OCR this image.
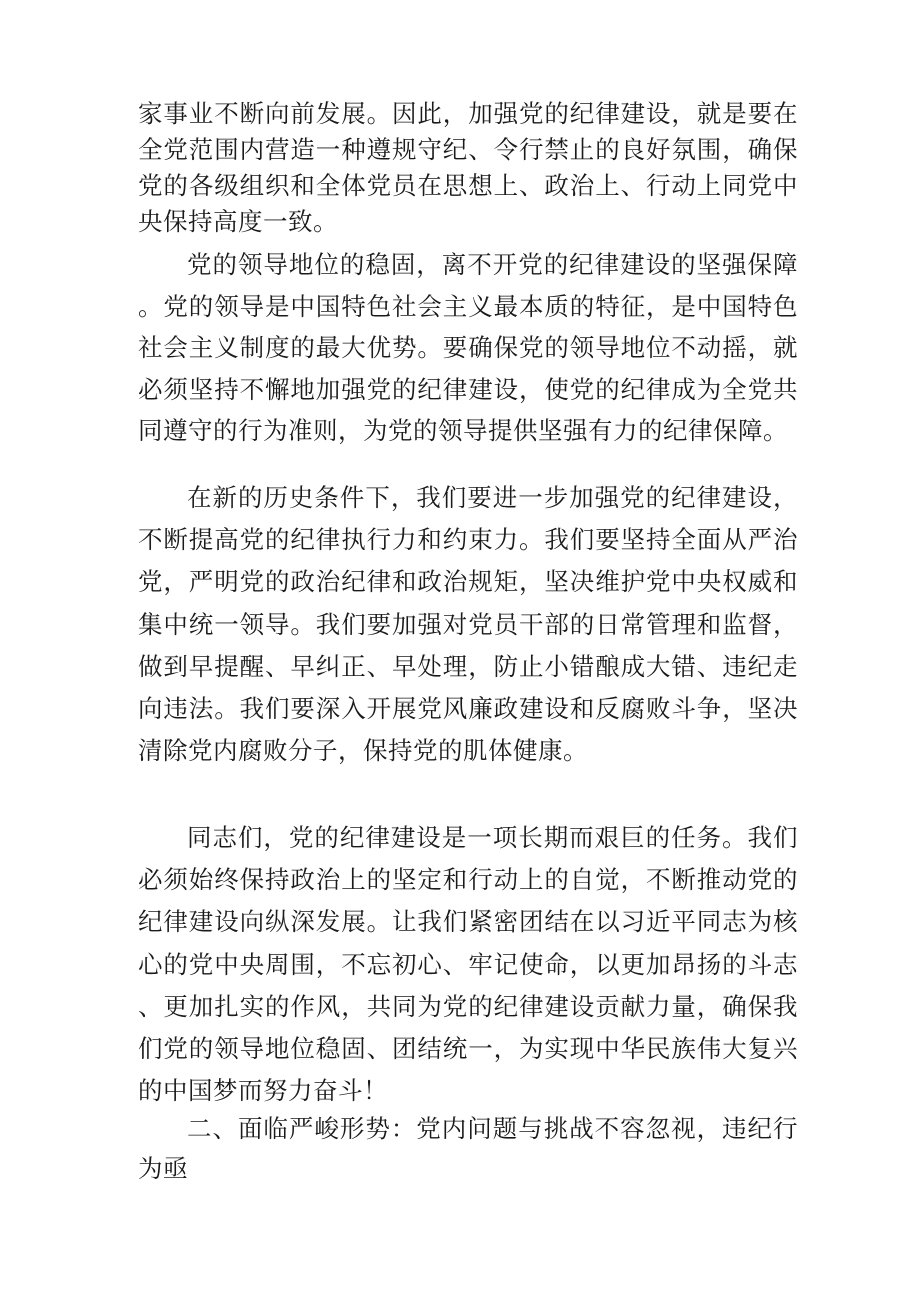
家事业不断向前发展。因此，加强党的纪律建设，就是要在全党范围内营造一种遵规守纪、令行禁止的良好氛围，确保党的各级组织和全体党员在思想上、政治上、行动上同党中央保持高度一致。

党的领导地位的稳固，离不开党的纪律建设的坚强保障。党的领导是中国特色社会主义最本质的特征，是中国特色社会主义制度的最大优势。要确保党的领导地位不动摇，就必须坚持不懈地加强党的纪律建设，使党的纪律成为全党共同遵守的行为准则，为党的领导提供坚强有力的纪律保障。

在新的历史条件下，我们要进一步加强党的纪律建设，不断提高党的纪律执行力和约束力。我们要坚持全面从严治党，严明党的政治纪律和政治规矩，坚决维护党中央权威和集中统一领导。我们要加强对党员干部的日常管理和监督，做到早提醒、早纠正、早处理，防止小错酿成大错、违纪走向违法。我们要深入开展党风廉政建设和反腐败斗争，坚决清除党内腐败分子，保持党的肌体健康。

同志们，党的纪律建设是一项长期而艰巨的任务。我们必须始终保持政治上的坚定和行动上的自觉，不断推动党的纪律建设向纵深发展。让我们紧密团结在以习近平同志为核心的党中央周围，不忘初心、牢记使命，以更加昂扬的斗志、更加扎实的作风，共同为党的纪律建设贡献力量，确保我们党的领导地位稳固、团结统一，为实现中华民族伟大复兴的中国梦而努力奋斗！

二、面临严峻形势：党内问题与挑战不容忽视，违纪行为亟
